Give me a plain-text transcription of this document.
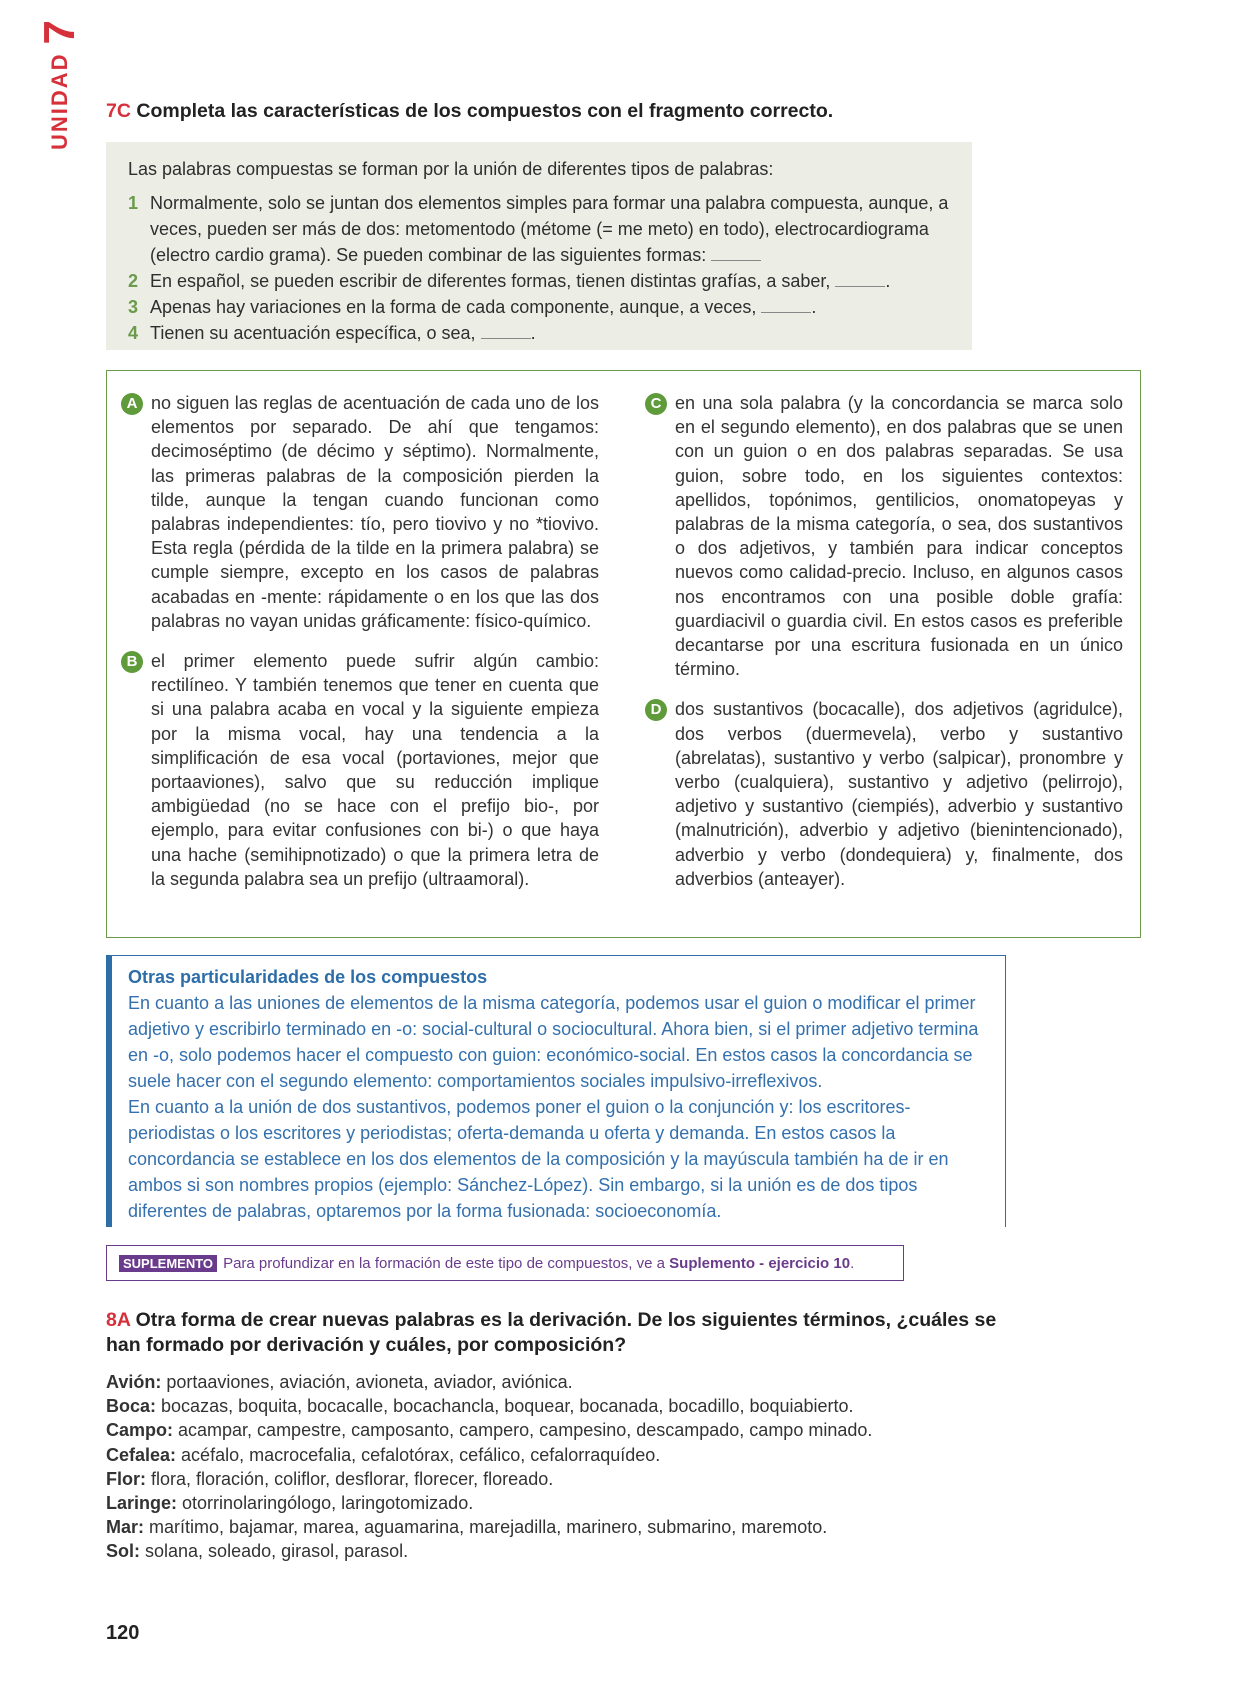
UNIDAD
7
7C Completa las características de los compuestos con el fragmento correcto.
Las palabras compuestas se forman por la unión de diferentes tipos de palabras:
1 Normalmente, solo se juntan dos elementos simples para formar una palabra compuesta, aunque, a veces, pueden ser más de dos: metomentodo (métome (= me meto) en todo), electrocardiograma (electro cardio grama). Se pueden combinar de las siguientes formas:
2 En español, se pueden escribir de diferentes formas, tienen distintas grafías, a saber,	.
3 Apenas hay variaciones en la forma de cada componente, aunque, a veces,	.
4 Tienen su acentuación específica, o sea,	.
A no siguen las reglas de acentuación de cada uno de los elementos por separado. De ahí que tengamos: decimoséptimo (de décimo y séptimo). Normalmente, las primeras palabras de la composición pierden la tilde, aunque la tengan cuando funcionan como palabras independientes: tío, pero tiovivo y no *tiovivo. Esta regla (pérdida de la tilde en la primera palabra) se cumple siempre, excepto en los casos de palabras acabadas en -mente: rápidamente o en los que las dos palabras no vayan unidas gráficamente: físico-químico.
B el primer elemento puede sufrir algún cambio: rectilíneo. Y también tenemos que tener en cuenta que si una palabra acaba en vocal y la siguiente empieza por la misma vocal, hay una tendencia a la simplificación de esa vocal (portaviones, mejor que portaaviones), salvo que su reducción implique ambigüedad (no se hace con el prefijo bio-, por ejemplo, para evitar confusiones con bi-) o que haya una hache (semihipnotizado) o que la primera letra de la segunda palabra sea un prefijo (ultraamoral).
C en una sola palabra (y la concordancia se marca solo en el segundo elemento), en dos palabras que se unen con un guion o en dos palabras separadas. Se usa guion, sobre todo, en los siguientes contextos: apellidos, topónimos, gentilicios, onomatopeyas y palabras de la misma categoría, o sea, dos sustantivos o dos adjetivos, y también para indicar conceptos nuevos como calidad-precio. Incluso, en algunos casos nos encontramos con una posible doble grafía: guardiacivil o guardia civil. En estos casos es preferible decantarse por una escritura fusionada en un único término.
D dos sustantivos (bocacalle), dos adjetivos (agridulce), dos verbos (duermevela), verbo y sustantivo (abrelatas), sustantivo y verbo (salpicar), pronombre y verbo (cualquiera), sustantivo y adjetivo (pelirrojo), adjetivo y sustantivo (ciempiés), adverbio y sustantivo (malnutrición), adverbio y adjetivo (bienintencionado), adverbio y verbo (dondequiera) y, finalmente, dos adverbios (anteayer).
Otras particularidades de los compuestos
En cuanto a las uniones de elementos de la misma categoría, podemos usar el guion o modificar el primer adjetivo y escribirlo terminado en -o: social-cultural o sociocultural. Ahora bien, si el primer adjetivo termina en -o, solo podemos hacer el compuesto con guion: económico-social. En estos casos la concordancia se suele hacer con el segundo elemento: comportamientos sociales impulsivo-irreflexivos.
En cuanto a la unión de dos sustantivos, podemos poner el guion o la conjunción y: los escritores-periodistas o los escritores y periodistas; oferta-demanda u oferta y demanda. En estos casos la concordancia se establece en los dos elementos de la composición y la mayúscula también ha de ir en ambos si son nombres propios (ejemplo: Sánchez-López). Sin embargo, si la unión es de dos tipos diferentes de palabras, optaremos por la forma fusionada: socioeconomía.
SUPLEMENTO Para profundizar en la formación de este tipo de compuestos, ve a
Suplemento - ejercicio 10 .
8A Otra forma de crear nuevas palabras es la derivación. De los siguientes términos, ¿cuáles se han formado por derivación y cuáles, por composición?
Avión: portaaviones, aviación, avioneta, aviador, aviónica.
Boca: bocazas, boquita, bocacalle, bocachancla, boquear, bocanada, bocadillo, boquiabierto.
Campo: acampar, campestre, camposanto, campero, campesino, descampado, campo minado.
Cefalea: acéfalo, macrocefalia, cefalotórax, cefálico, cefalorraquídeo.
Flor: flora, floración, coliflor, desflorar, florecer, floreado.
Laringe: otorrinolaringólogo, laringotomizado.
Mar: marítimo, bajamar, marea, aguamarina, marejadilla, marinero, submarino, maremoto.
Sol: solana, soleado, girasol, parasol.
120
